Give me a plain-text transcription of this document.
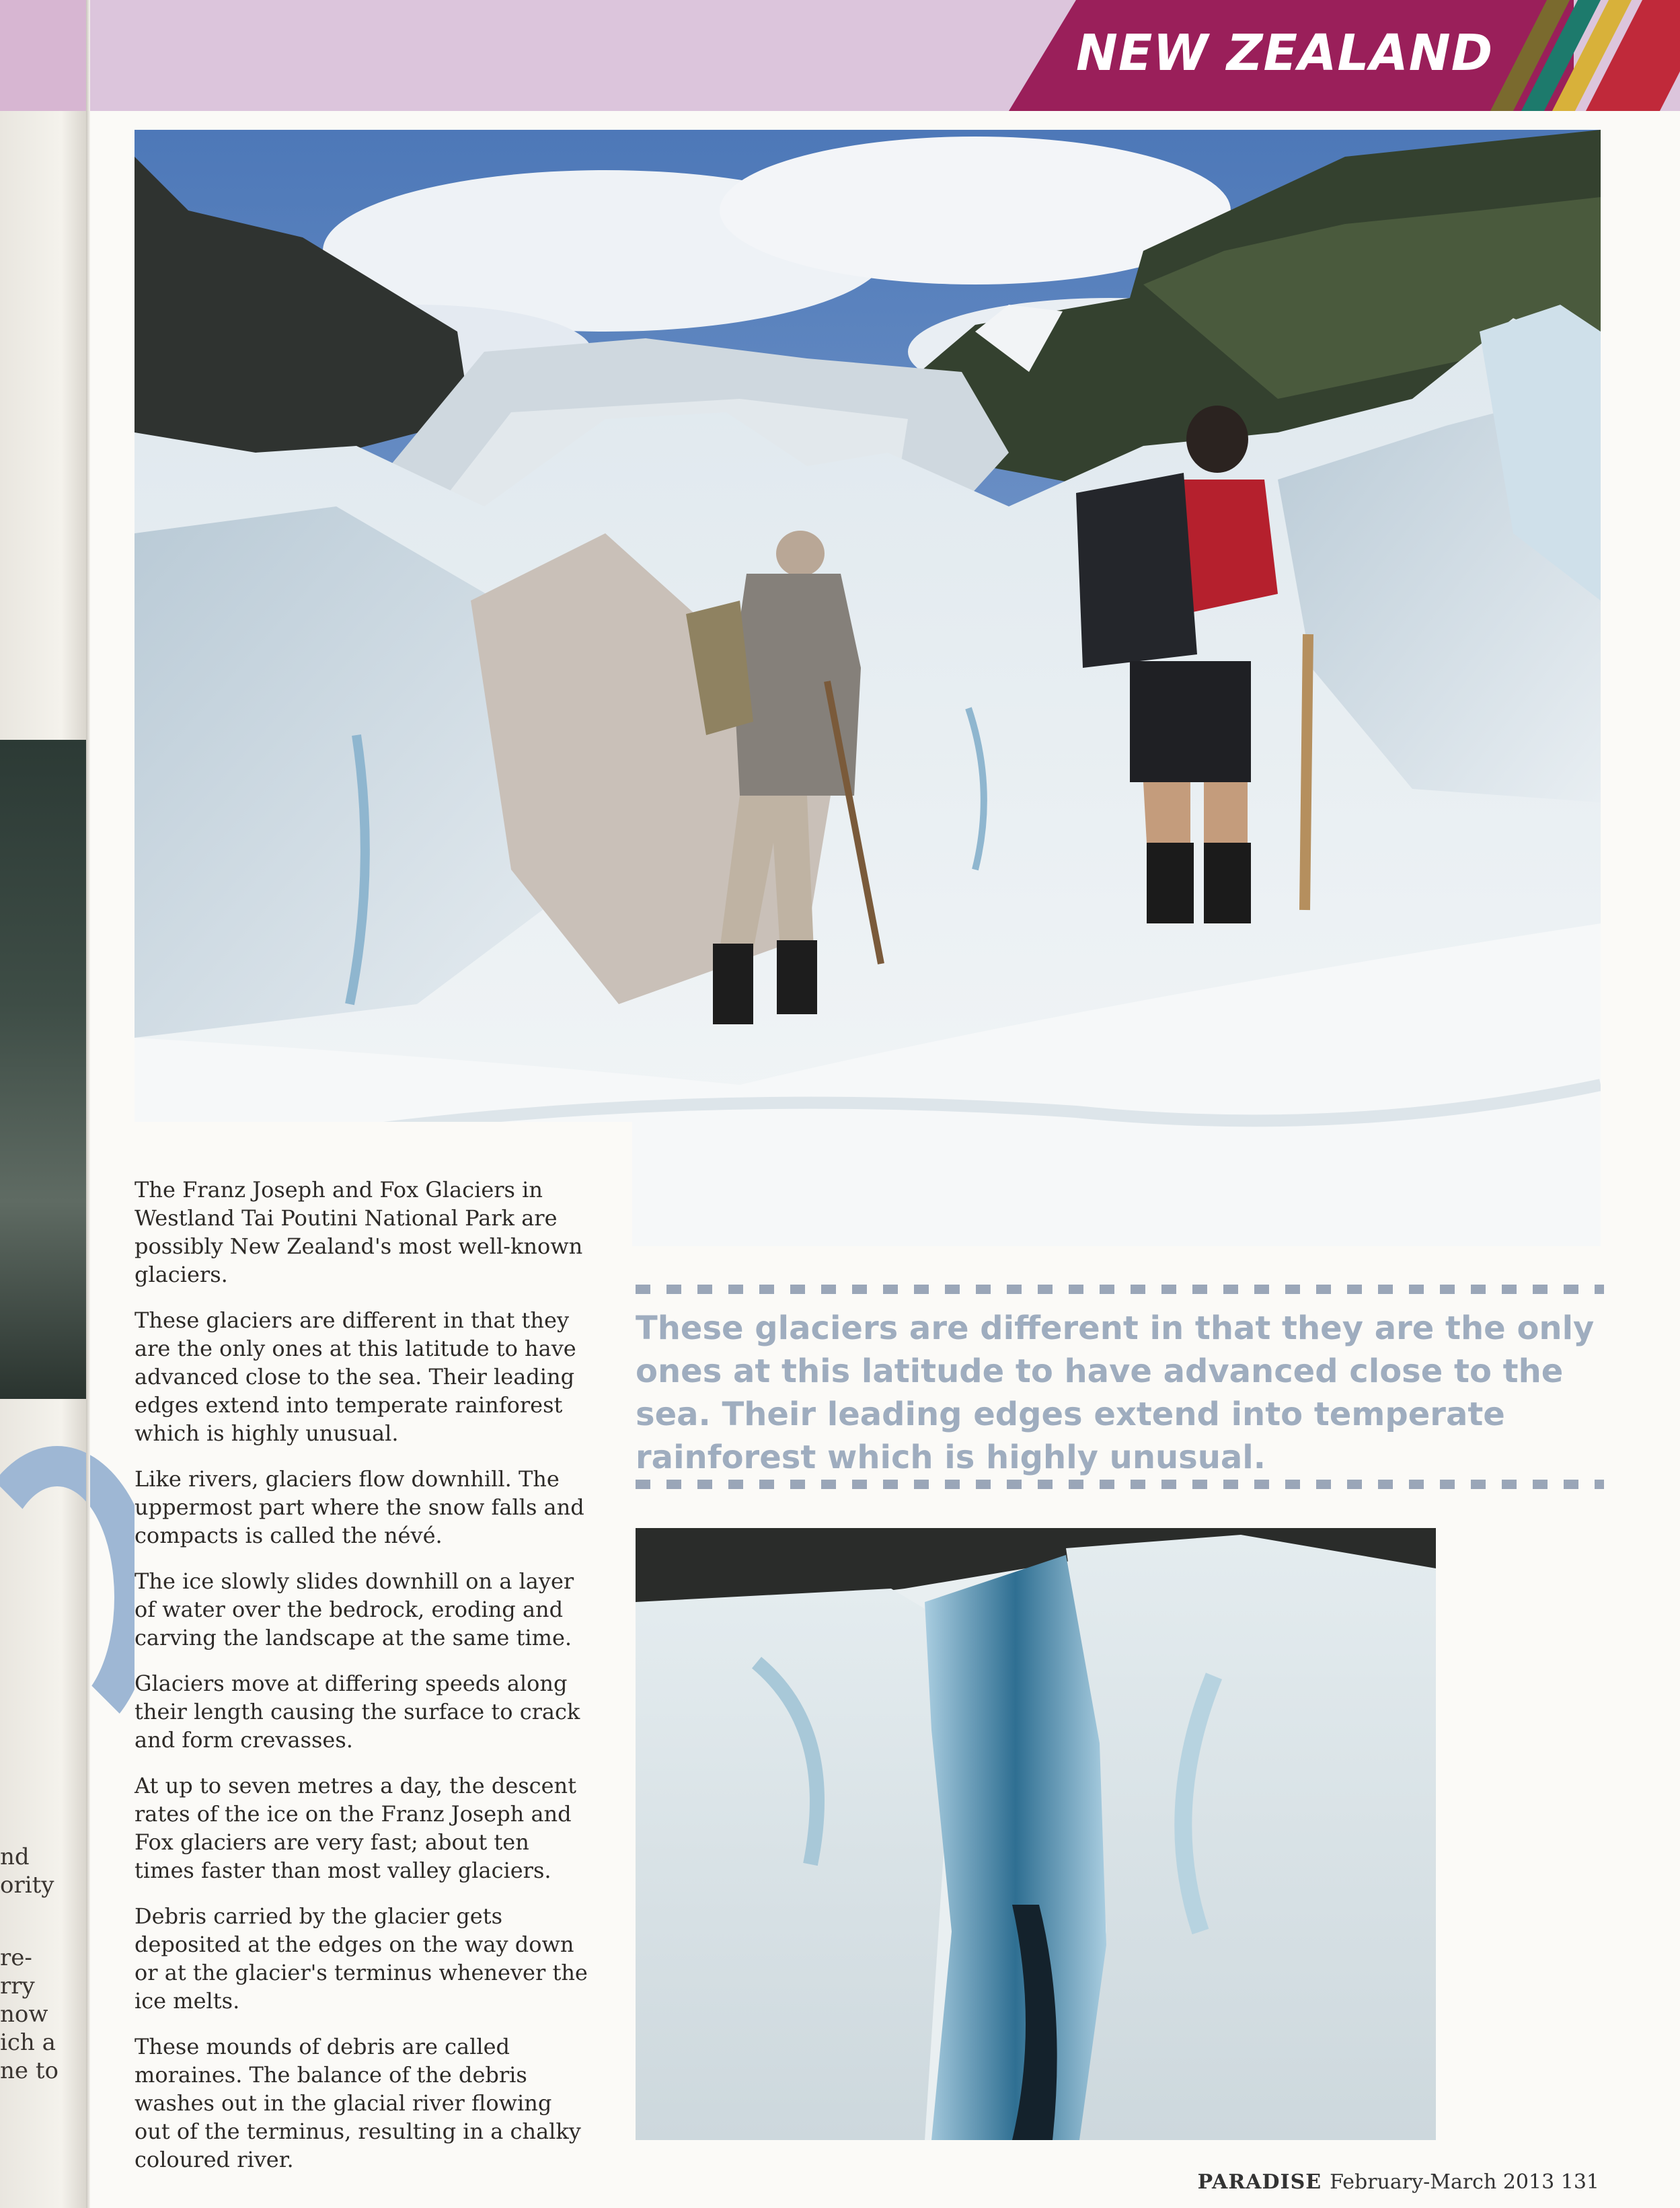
nd
ority
re-
rry
now
ich a
ne to
NEW ZEALAND

The Franz Joseph and Fox Glaciers in Westland Tai Poutini National Park are possibly New Zealand's most well-known glaciers.

These glaciers are different in that they are the only ones at this latitude to have advanced close to the sea. Their leading edges extend into temperate rainforest which is highly unusual.

Like rivers, glaciers flow downhill. The uppermost part where the snow falls and compacts is called the névé.

The ice slowly slides downhill on a layer of water over the bedrock, eroding and carving the landscape at the same time.

Glaciers move at differing speeds along their length causing the surface to crack and form crevasses.

At up to seven metres a day, the descent rates of the ice on the Franz Joseph and Fox glaciers are very fast; about ten times faster than most valley glaciers.

Debris carried by the glacier gets deposited at the edges on the way down or at the glacier's terminus whenever the ice melts.

These mounds of debris are called moraines. The balance of the debris washes out in the glacial river flowing out of the terminus, resulting in a chalky coloured river.

These glaciers are different in that they are the only ones at this latitude to have advanced close to the sea. Their leading edges extend into temperate rainforest which is highly unusual.
PARADISE February-March 2013 131
